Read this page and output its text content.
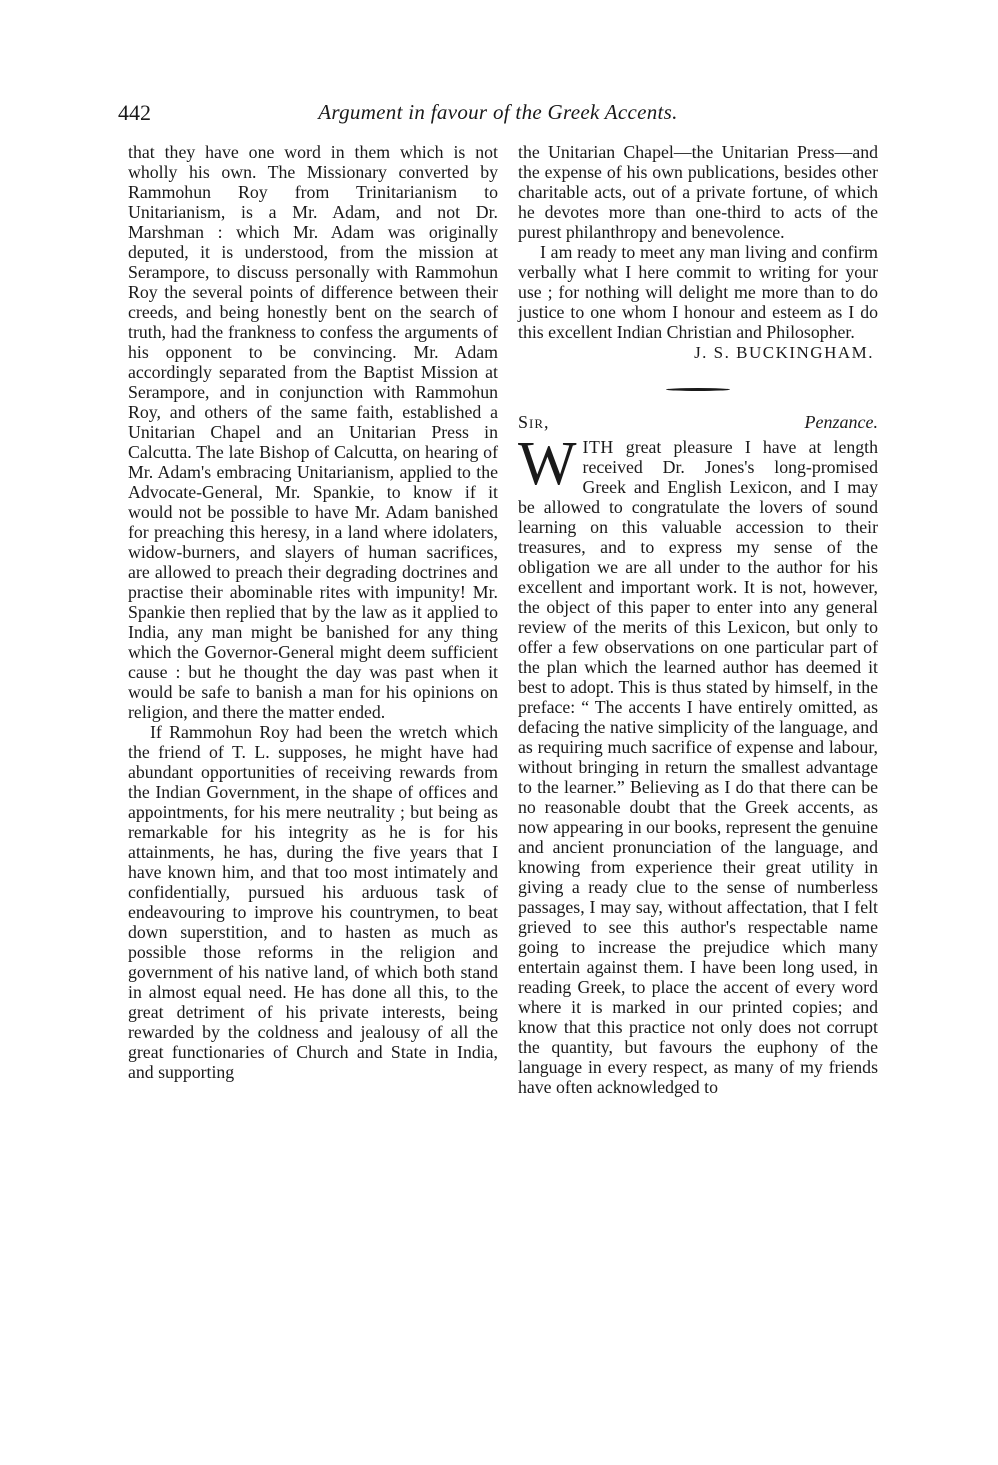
442	Argument in favour of the Greek Accents.

that they have one word in them which is not wholly his own. The Missionary converted by Rammohun Roy from Trinitarianism to Unitarianism, is a Mr. Adam, and not Dr. Marshman : which Mr. Adam was originally deputed, it is understood, from the mission at Serampore, to discuss personally with Rammohun Roy the several points of difference between their creeds, and being honestly bent on the search of truth, had the frankness to confess the arguments of his opponent to be convincing. Mr. Adam accordingly separated from the Baptist Mission at Serampore, and in conjunction with Rammohun Roy, and others of the same faith, established a Unitarian Chapel and an Unitarian Press in Calcutta. The late Bishop of Calcutta, on hearing of Mr. Adam's embracing Unitarianism, applied to the Advocate-General, Mr. Spankie, to know if it would not be possible to have Mr. Adam banished for preaching this heresy, in a land where idolaters, widow-burners, and slayers of human sacrifices, are allowed to preach their degrading doctrines and practise their abominable rites with impunity! Mr. Spankie then replied that by the law as it applied to India, any man might be banished for any thing which the Governor-General might deem sufficient cause : but he thought the day was past when it would be safe to banish a man for his opinions on religion, and there the matter ended.

If Rammohun Roy had been the wretch which the friend of T. L. supposes, he might have had abundant opportunities of receiving rewards from the Indian Government, in the shape of offices and appointments, for his mere neutrality ; but being as remarkable for his integrity as he is for his attainments, he has, during the five years that I have known him, and that too most intimately and confidentially, pursued his arduous task of endeavouring to improve his countrymen, to beat down superstition, and to hasten as much as possible those reforms in the religion and government of his native land, of which both stand in almost equal need. He has done all this, to the great detriment of his private interests, being rewarded by the coldness and jealousy of all the great functionaries of Church and State in India, and supporting

the Unitarian Chapel—the Unitarian Press—and the expense of his own publications, besides other charitable acts, out of a private fortune, of which he devotes more than one-third to acts of the purest philanthropy and benevolence.

I am ready to meet any man living and confirm verbally what I here commit to writing for your use ; for nothing will delight me more than to do justice to one whom I honour and esteem as I do this excellent Indian Christian and Philosopher.

J. S. BUCKINGHAM.

Sir,	Penzance.

WITH great pleasure I have at length received Dr. Jones's long-promised Greek and English Lexicon, and I may be allowed to congratulate the lovers of sound learning on this valuable accession to their treasures, and to express my sense of the obligation we are all under to the author for his excellent and important work. It is not, however, the object of this paper to enter into any general review of the merits of this Lexicon, but only to offer a few observations on one particular part of the plan which the learned author has deemed it best to adopt. This is thus stated by himself, in the preface: “ The accents I have entirely omitted, as defacing the native simplicity of the language, and as requiring much sacrifice of expense and labour, without bringing in return the smallest advantage to the learner.” Believing as I do that there can be no reasonable doubt that the Greek accents, as now appearing in our books, represent the genuine and ancient pronunciation of the language, and knowing from experience their great utility in giving a ready clue to the sense of numberless passages, I may say, without affectation, that I felt grieved to see this author's respectable name going to increase the prejudice which many entertain against them. I have been long used, in reading Greek, to place the accent of every word where it is marked in our printed copies; and know that this practice not only does not corrupt the quantity, but favours the euphony of the language in every respect, as many of my friends have often acknowledged to
